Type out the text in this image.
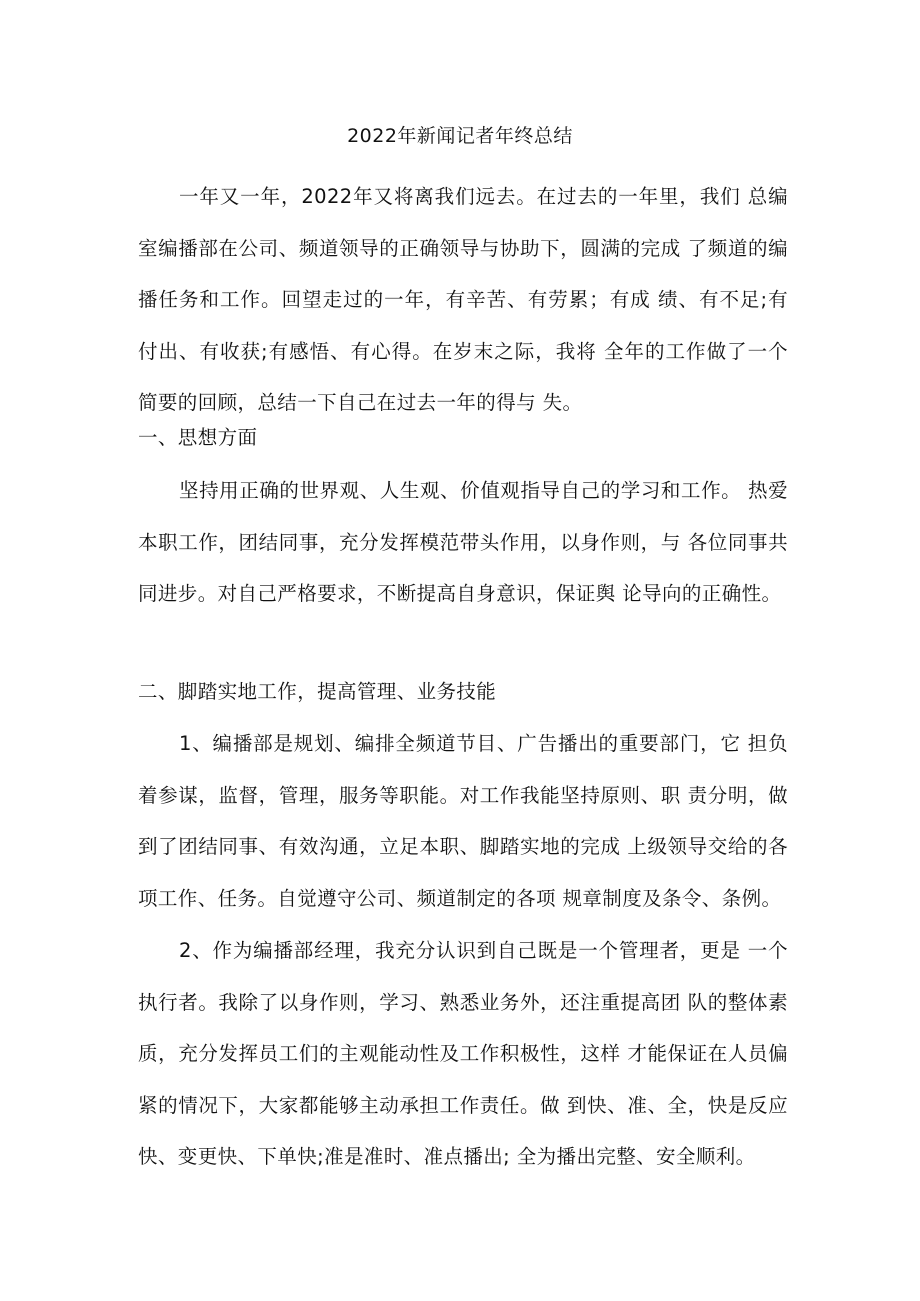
2022年新闻记者年终总结

一年又一年，2022年又将离我们远去。在过去的一年里，我们 总编室编播部在公司、频道领导的正确领导与协助下，圆满的完成 了频道的编播任务和工作。回望走过的一年，有辛苦、有劳累；有成 绩、有不足;有付出、有收获;有感悟、有心得。在岁末之际，我将 全年的工作做了一个简要的回顾，总结一下自己在过去一年的得与 失。

一、思想方面

坚持用正确的世界观、人生观、价值观指导自己的学习和工作。 热爱本职工作，团结同事，充分发挥模范带头作用，以身作则，与 各位同事共同进步。对自己严格要求，不断提高自身意识，保证舆 论导向的正确性。

二、脚踏实地工作，提高管理、业务技能

1、编播部是规划、编排全频道节目、广告播出的重要部门，它 担负着参谋，监督，管理，服务等职能。对工作我能坚持原则、职 责分明，做到了团结同事、有效沟通，立足本职、脚踏实地的完成 上级领导交给的各项工作、任务。自觉遵守公司、频道制定的各项 规章制度及条令、条例。

2、作为编播部经理，我充分认识到自己既是一个管理者，更是 一个执行者。我除了以身作则，学习、熟悉业务外，还注重提高团 队的整体素质，充分发挥员工们的主观能动性及工作积极性，这样 才能保证在人员偏紧的情况下，大家都能够主动承担工作责任。做 到快、准、全，快是反应快、变更快、下单快;准是准时、准点播出; 全为播出完整、安全顺利。
